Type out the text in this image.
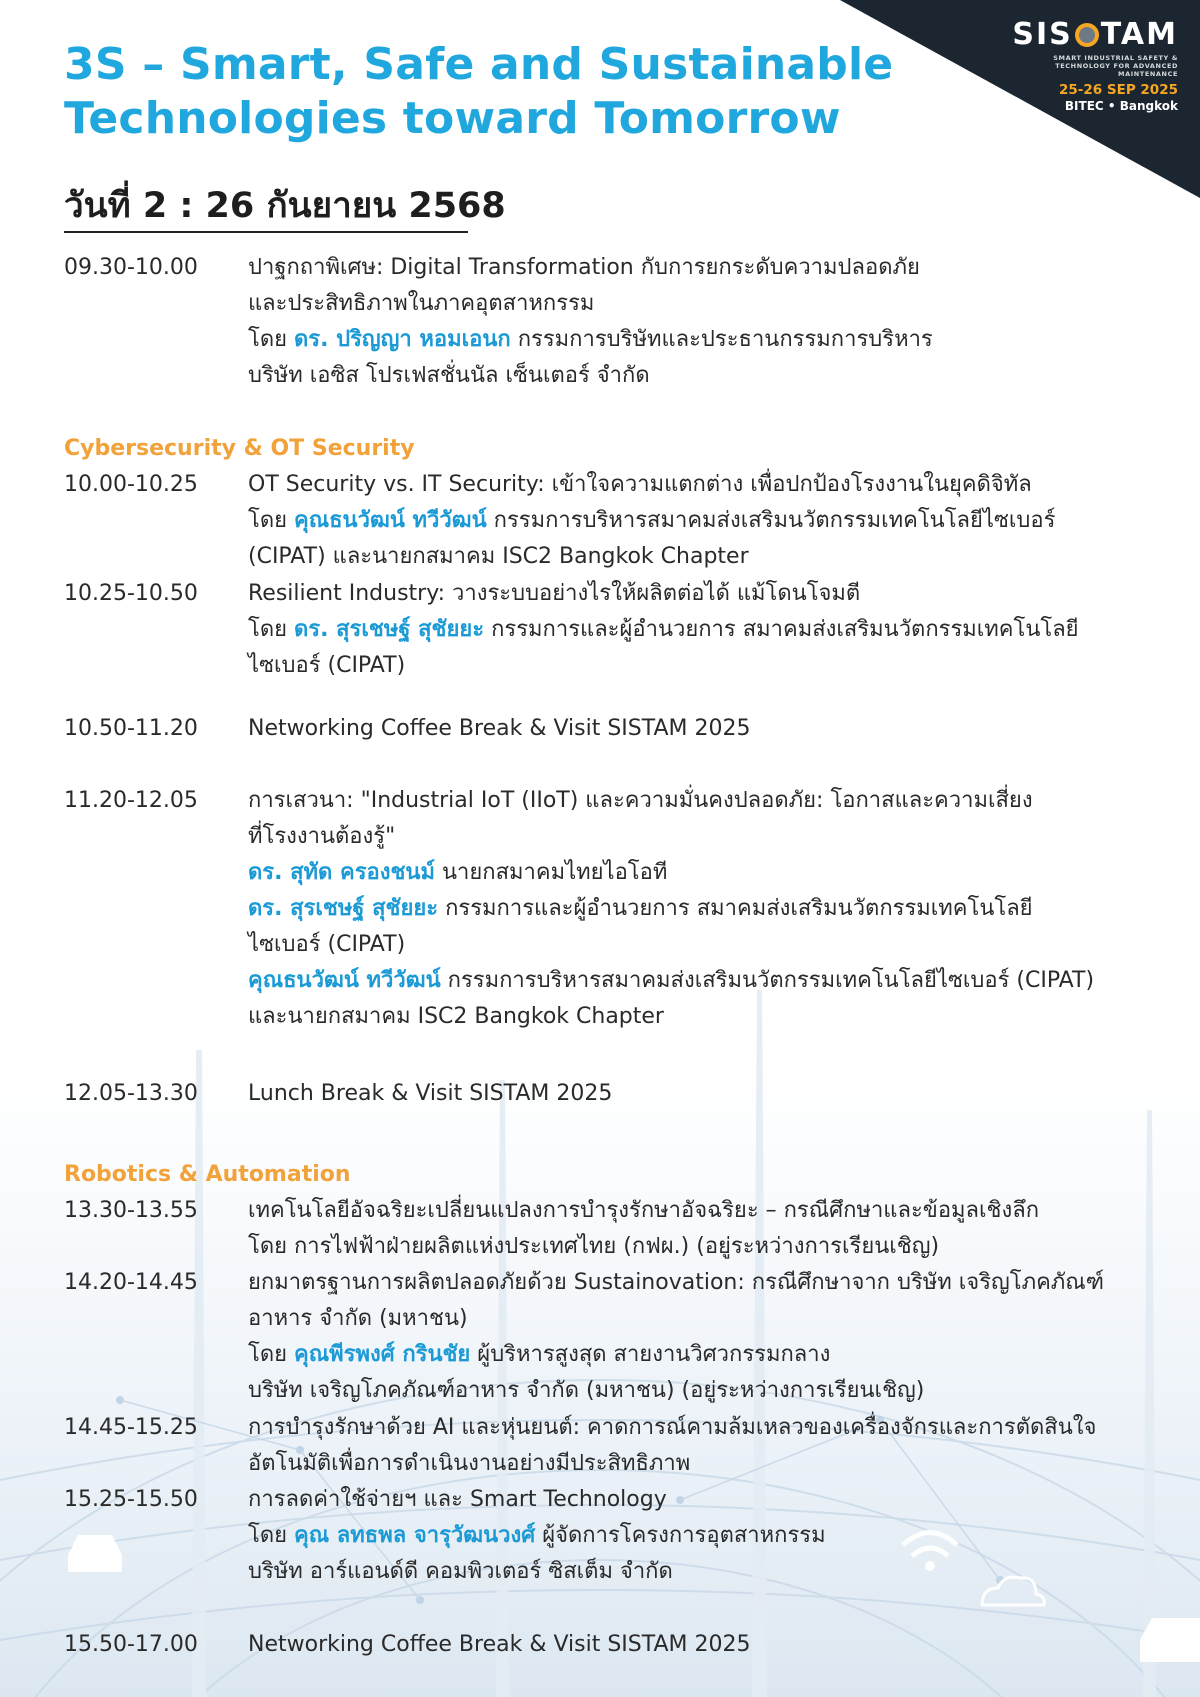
SIS TAM
SMART INDUSTRIAL SAFETY &
TECHNOLOGY FOR ADVANCED MAINTENANCE
25-26 SEP 2025
BITEC • Bangkok
3S – Smart, Safe and Sustainable
Technologies toward Tomorrow
วันที่ 2 : 26 กันยายน 2568
Cybersecurity & OT Security
Robotics & Automation
09.30-10.00 ปาฐกถาพิเศษ: Digital Transformation กับการยกระดับความปลอดภัย
และประสิทธิภาพในภาคอุตสาหกรรม
โดย ดร. ปริญญา หอมเอนก กรรมการบริษัทและประธานกรรมการบริหาร
บริษัท เอซิส โปรเฟสชั่นนัล เซ็นเตอร์ จำกัด
10.00-10.25 OT Security vs. IT Security: เข้าใจความแตกต่าง เพื่อปกป้องโรงงานในยุคดิจิทัล
โดย คุณธนวัฒน์ ทวีวัฒน์ กรรมการบริหารสมาคมส่งเสริมนวัตกรรมเทคโนโลยีไซเบอร์
(CIPAT) และนายกสมาคม ISC2 Bangkok Chapter
10.25-10.50 Resilient Industry: วางระบบอย่างไรให้ผลิตต่อได้ แม้โดนโจมตี
โดย ดร. สุรเชษฐ์ สุชัยยะ กรรมการและผู้อำนวยการ สมาคมส่งเสริมนวัตกรรมเทคโนโลยี
ไซเบอร์ (CIPAT)
10.50-11.20 Networking Coffee Break & Visit SISTAM 2025
11.20-12.05 การเสวนา: "Industrial IoT (IIoT) และความมั่นคงปลอดภัย: โอกาสและความเสี่ยง
ที่โรงงานต้องรู้"
ดร. สุทัด ครองชนม์ นายกสมาคมไทยไอโอที
ดร. สุรเชษฐ์ สุชัยยะ กรรมการและผู้อำนวยการ สมาคมส่งเสริมนวัตกรรมเทคโนโลยี
ไซเบอร์ (CIPAT)
คุณธนวัฒน์ ทวีวัฒน์ กรรมการบริหารสมาคมส่งเสริมนวัตกรรมเทคโนโลยีไซเบอร์ (CIPAT)
และนายกสมาคม ISC2 Bangkok Chapter
12.05-13.30 Lunch Break & Visit SISTAM 2025
13.30-13.55 เทคโนโลยีอัจฉริยะเปลี่ยนแปลงการบำรุงรักษาอัจฉริยะ – กรณีศึกษาและข้อมูลเชิงลึก
โดย การไฟฟ้าฝ่ายผลิตแห่งประเทศไทย (กฟผ.) (อยู่ระหว่างการเรียนเชิญ)
14.20-14.45 ยกมาตรฐานการผลิตปลอดภัยด้วย Sustainovation: กรณีศึกษาจาก บริษัท เจริญโภคภัณฑ์
อาหาร จำกัด (มหาชน)
โดย คุณพีรพงศ์ กรินชัย ผู้บริหารสูงสุด สายงานวิศวกรรมกลาง
บริษัท เจริญโภคภัณฑ์อาหาร จำกัด (มหาชน) (อยู่ระหว่างการเรียนเชิญ)
14.45-15.25 การบำรุงรักษาด้วย AI และหุ่นยนต์: คาดการณ์คามล้มเหลวของเครื่องจักรและการตัดสินใจ
อัตโนมัติเพื่อการดำเนินงานอย่างมีประสิทธิภาพ
15.25-15.50 การลดค่าใช้จ่ายฯ และ Smart Technology
โดย คุณ ลทธพล จารุวัฒนวงศ์ ผู้จัดการโครงการอุตสาหกรรม
บริษัท อาร์แอนด์ดี คอมพิวเตอร์ ซิสเต็ม จำกัด
15.50-17.00 Networking Coffee Break & Visit SISTAM 2025
